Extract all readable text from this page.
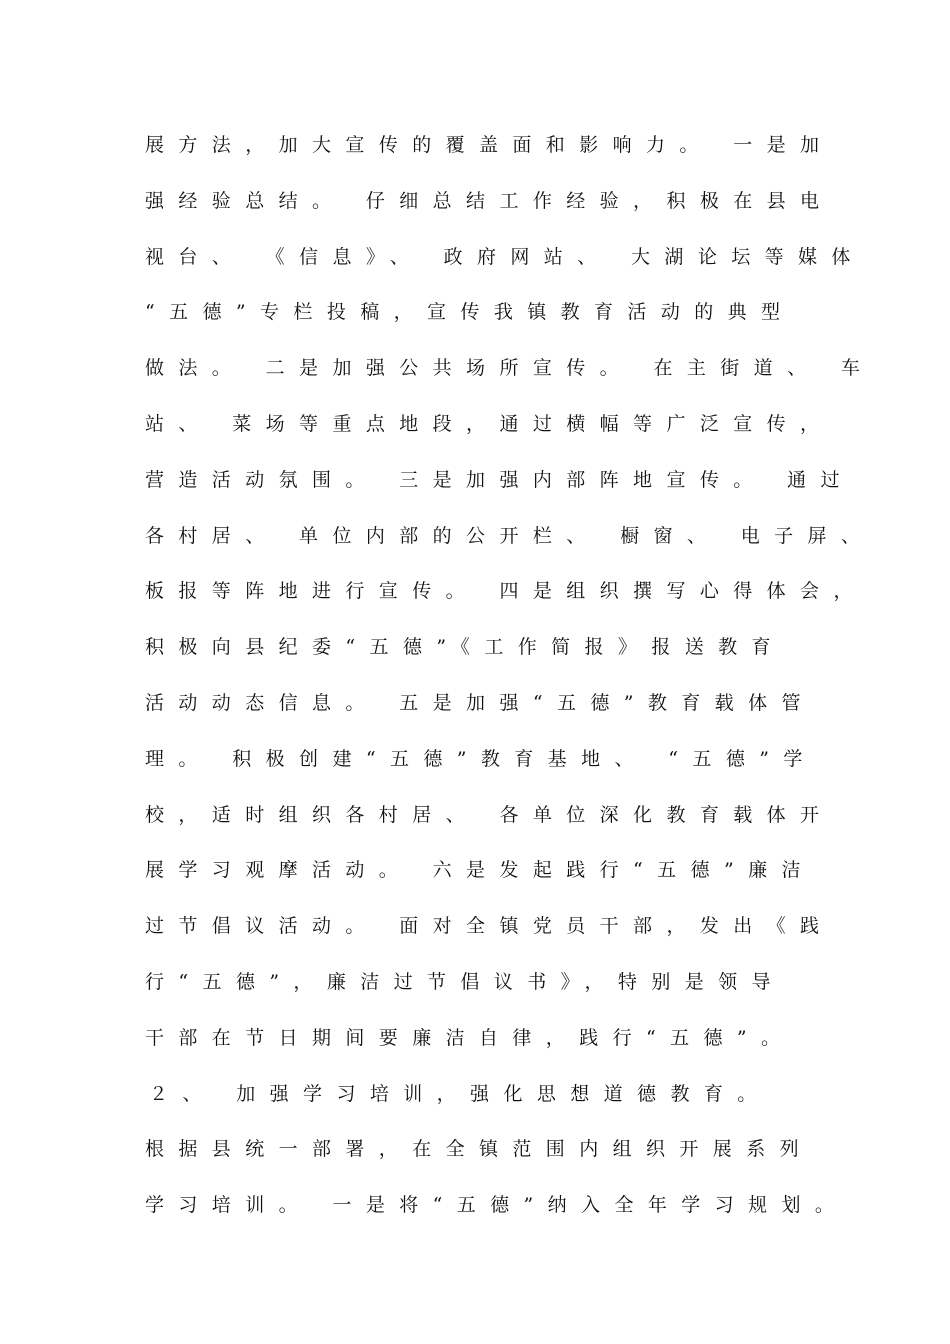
展方法，加大宣传的覆盖面和影响力。 一是加
强经验总结。 仔细总结工作经验，积极在县电
视台、 《信息》、 政府网站、 大湖论坛等媒体
“五德”专栏投稿，宣传我镇教育活动的典型
做法。 二是加强公共场所宣传。 在主街道、 车
站、 菜场等重点地段，通过横幅等广泛宣传，
营造活动氛围。 三是加强内部阵地宣传。 通过
各村居、 单位内部的公开栏、 橱窗、 电子屏、
板报等阵地进行宣传。 四是组织撰写心得体会，
积极向县纪委“五德”《工作简报》报送教育
活动动态信息。 五是加强“五德”教育载体管
理。 积极创建“五德”教育基地、 “五德”学
校，适时组织各村居、 各单位深化教育载体开
展学习观摩活动。 六是发起践行“五德”廉洁
过节倡议活动。 面对全镇党员干部，发出《践
行“五德”，廉洁过节倡议书》，特别是领导
干部在节日期间要廉洁自律，践行“五德”。
２、 加强学习培训，强化思想道德教育。
根据县统一部署，在全镇范围内组织开展系列
学习培训。 一是将“五德”纳入全年学习规划。
